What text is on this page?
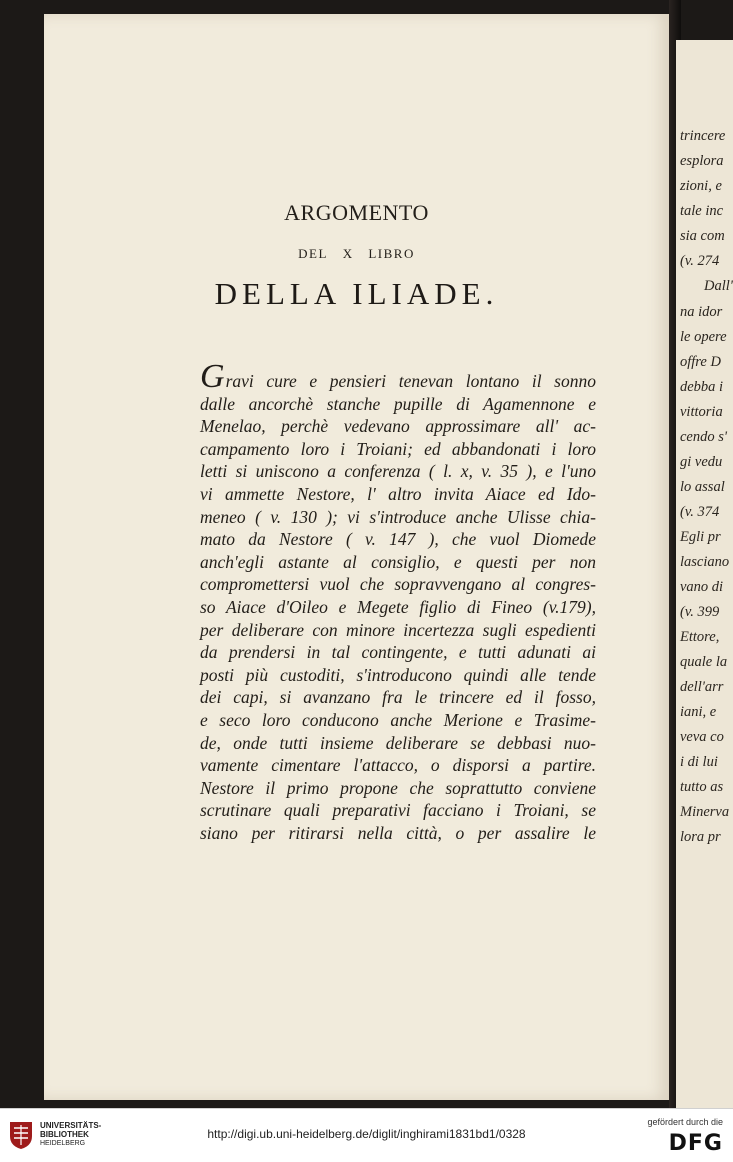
ARGOMENTO
DEL X LIBRO
DELLA ILIADE.
Gravi cure e pensieri tenevan lontano il sonno
dalle ancorchè stanche pupille di Agamennone e
Menelao, perchè vedevano approssimare all' ac-
campamento loro i Troiani; ed abbandonati i loro
letti si uniscono a conferenza ( l. x, v. 35 ), e l'uno
vi ammette Nestore, l' altro invita Aiace ed Ido-
meneo ( v. 130 ); vi s'introduce anche Ulisse chia-
mato da Nestore ( v. 147 ), che vuol Diomede
anch'egli astante al consiglio, e questi per non
compromettersi vuol che sopravvengano al congres-
so Aiace d'Oileo e Megete figlio di Fineo (v.179),
per deliberare con minore incertezza sugli espedienti
da prendersi in tal contingente, e tutti adunati ai
posti più custoditi, s'introducono quindi alle tende
dei capi, si avanzano fra le trincere ed il fosso,
e seco loro conducono anche Merione e Trasime-
de, onde tutti insieme deliberare se debbasi nuo-
vamente cimentare l'attacco, o disporsi a partire.
Nestore il primo propone che soprattutto conviene
scrutinare quali preparativi facciano i Troiani, se
siano per ritirarsi nella città, o per assalire le
trincere
esplora
zioni, e
tale inc
sia com
(v. 274
Dall'
na idor
le opere
offre D
debba i
vittoria
cendo s'
gi vedu
lo assal
(v. 374
Egli pr
lasciano
vano di
(v. 399
Ettore,
quale la
dell'arr
iani, e
veva co
i di lui
tutto as
Minerva
lora pr
UNIVERSITÄTS-
BIBLIOTHEK
HEIDELBERG
http://digi.ub.uni-heidelberg.de/diglit/inghirami1831bd1/0328
gefördert durch die
DFG
